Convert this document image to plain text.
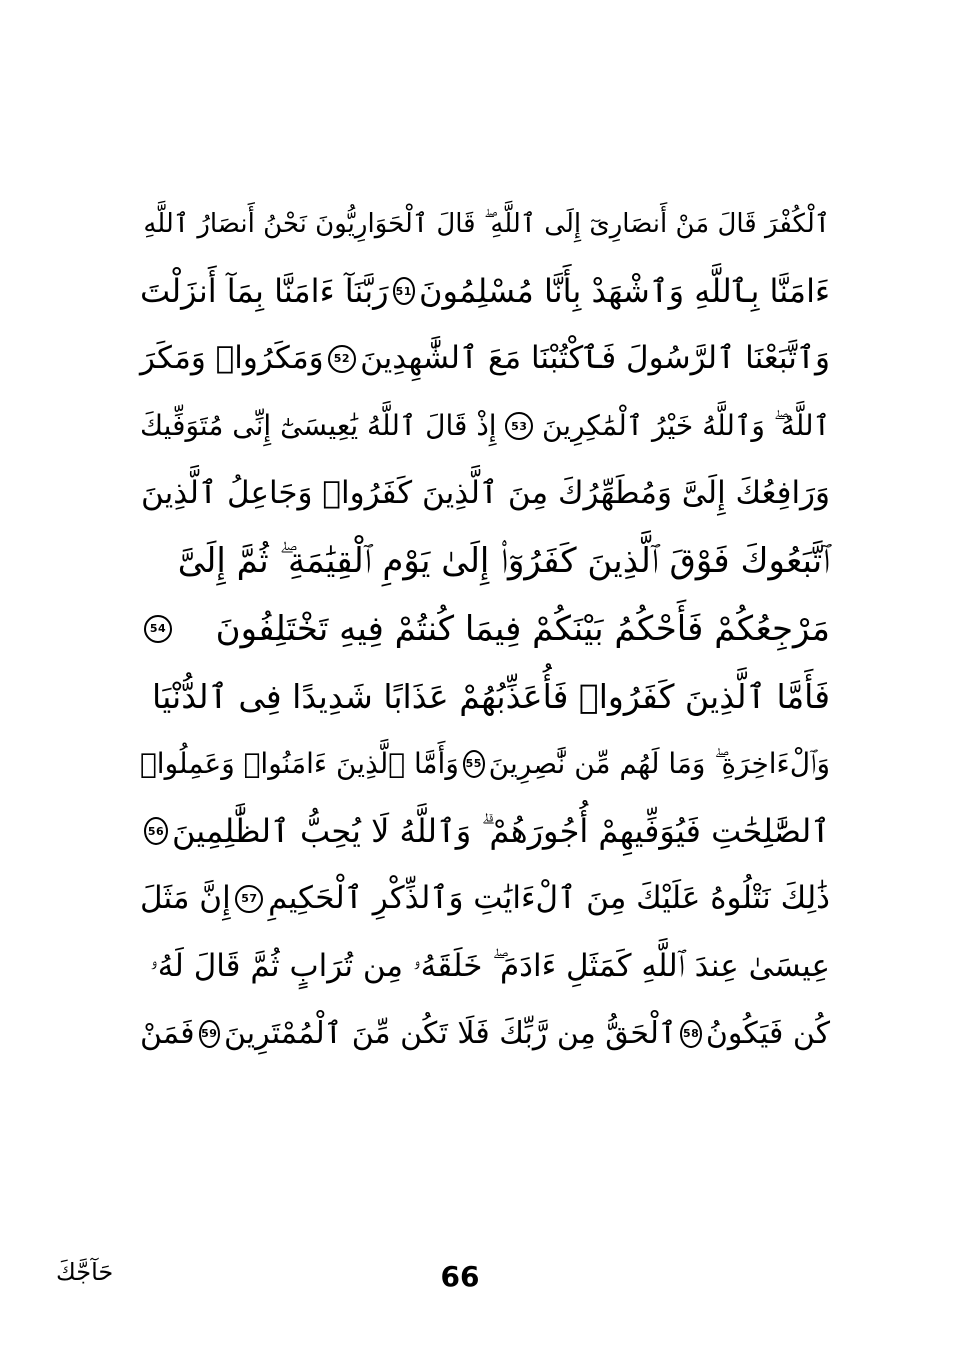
ٱلْكُفْرَ قَالَ مَنْ أَنصَارِىٓ إِلَى ٱللَّهِ ۖ قَالَ ٱلْحَوَارِيُّونَ نَحْنُ أَنصَارُ ٱللَّهِ
ءَامَنَّا بِٱللَّهِ وَٱشْهَدْ بِأَنَّا مُسْلِمُونَ
51
رَبَّنَآ ءَامَنَّا بِمَآ أَنزَلْتَ
وَٱتَّبَعْنَا ٱلرَّسُولَ فَٱكْتُبْنَا مَعَ ٱلشَّٰهِدِينَ
52
وَمَكَرُوا۟ وَمَكَرَ
ٱللَّهُ ۖ وَٱللَّهُ خَيْرُ ٱلْمَٰكِرِينَ
53
إِذْ قَالَ ٱللَّهُ يَٰعِيسَىٰٓ إِنِّى مُتَوَفِّيكَ
وَرَافِعُكَ إِلَىَّ وَمُطَهِّرُكَ مِنَ ٱلَّذِينَ كَفَرُوا۟ وَجَاعِلُ ٱلَّذِينَ
ٱتَّبَعُوكَ فَوْقَ ٱلَّذِينَ كَفَرُوٓا۟ إِلَىٰ يَوْمِ ٱلْقِيَٰمَةِ ۖ ثُمَّ إِلَىَّ
مَرْجِعُكُمْ فَأَحْكُمُ بَيْنَكُمْ فِيمَا كُنتُمْ فِيهِ تَخْتَلِفُونَ
54
فَأَمَّا ٱلَّذِينَ كَفَرُوا۟ فَأُعَذِّبُهُمْ عَذَابًا شَدِيدًا فِى ٱلدُّنْيَا
وَٱلْءَاخِرَةِ ۖ وَمَا لَهُم مِّن نَّٰصِرِينَ
55
وَأَمَّا ٱلَّذِينَ ءَامَنُوا۟ وَعَمِلُوا۟
ٱلصَّٰلِحَٰتِ فَيُوَفِّيهِمْ أُجُورَهُمْ ۗ وَٱللَّهُ لَا يُحِبُّ ٱلظَّٰلِمِينَ
56
ذَٰلِكَ نَتْلُوهُ عَلَيْكَ مِنَ ٱلْءَايَٰتِ وَٱلذِّكْرِ ٱلْحَكِيمِ
57
إِنَّ مَثَلَ
عِيسَىٰ عِندَ ٱللَّهِ كَمَثَلِ ءَادَمَ ۖ خَلَقَهُۥ مِن تُرَابٍ ثُمَّ قَالَ لَهُۥ
كُن فَيَكُونُ
58
ٱلْحَقُّ مِن رَّبِّكَ فَلَا تَكُن مِّنَ ٱلْمُمْتَرِينَ
59
فَمَنْ
حَآجَّكَ	66
